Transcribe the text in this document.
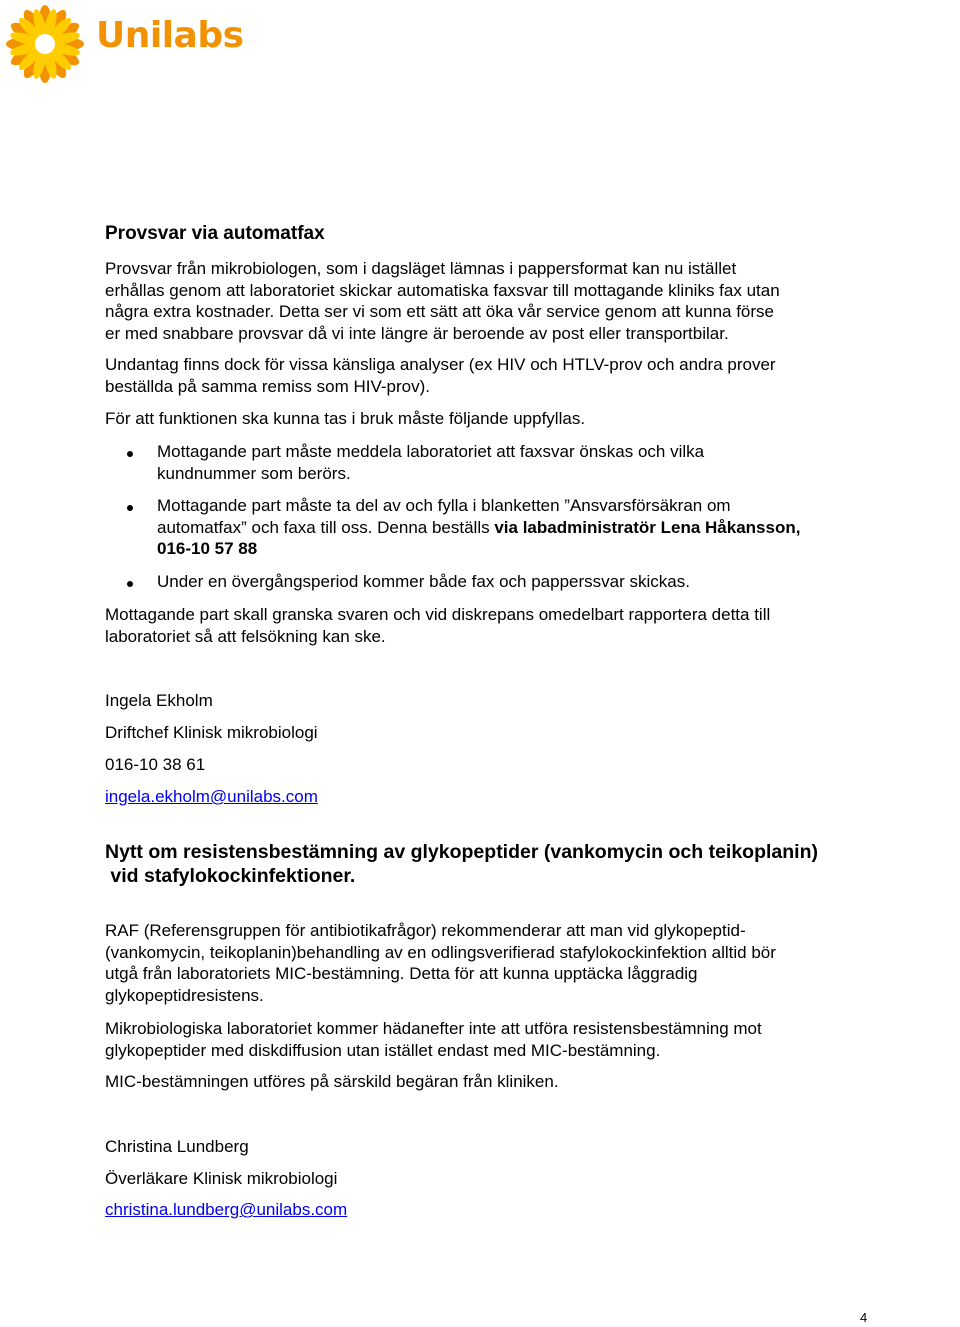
Unilabs
Provsvar via automatfax

Provsvar från mikrobiologen, som i dagsläget lämnas i pappersformat kan nu istället
erhållas genom att laboratoriet skickar automatiska faxsvar till mottagande kliniks fax utan
några extra kostnader. Detta ser vi som ett sätt att öka vår service genom att kunna förse
er med snabbare provsvar då vi inte längre är beroende av post eller transportbilar.

Undantag finns dock för vissa känsliga analyser (ex HIV och HTLV-prov och andra prover
beställda på samma remiss som HIV-prov).

För att funktionen ska kunna tas i bruk måste följande uppfyllas.

Mottagande part måste meddela laboratoriet att faxsvar önskas och vilka
kundnummer som berörs.

Mottagande part måste ta del av och fylla i blanketten ”Ansvarsförsäkran om
automatfax” och faxa till oss. Denna beställs via labadministratör Lena Håkansson,
016-10 57 88

Under en övergångsperiod kommer både fax och papperssvar skickas.

Mottagande part skall granska svaren och vid diskrepans omedelbart rapportera detta till
laboratoriet så att felsökning kan ske.

Ingela Ekholm

Driftchef Klinisk mikrobiologi

016-10 38 61

ingela.ekholm@unilabs.com

Nytt om resistensbestämning av glykopeptider (vankomycin och teikoplanin)
vid stafylokockinfektioner.

RAF (Referensgruppen för antibiotikafrågor) rekommenderar att man vid glykopeptid-
(vankomycin, teikoplanin)behandling av en odlingsverifierad stafylokockinfektion alltid bör
utgå från laboratoriets MIC-bestämning. Detta för att kunna upptäcka låggradig
glykopeptidresistens.

Mikrobiologiska laboratoriet kommer hädanefter inte att utföra resistensbestämning mot
glykopeptider med diskdiffusion utan istället endast med MIC-bestämning.

MIC-bestämningen utföres på särskild begäran från kliniken.

Christina Lundberg

Överläkare Klinisk mikrobiologi

christina.lundberg@unilabs.com

4
